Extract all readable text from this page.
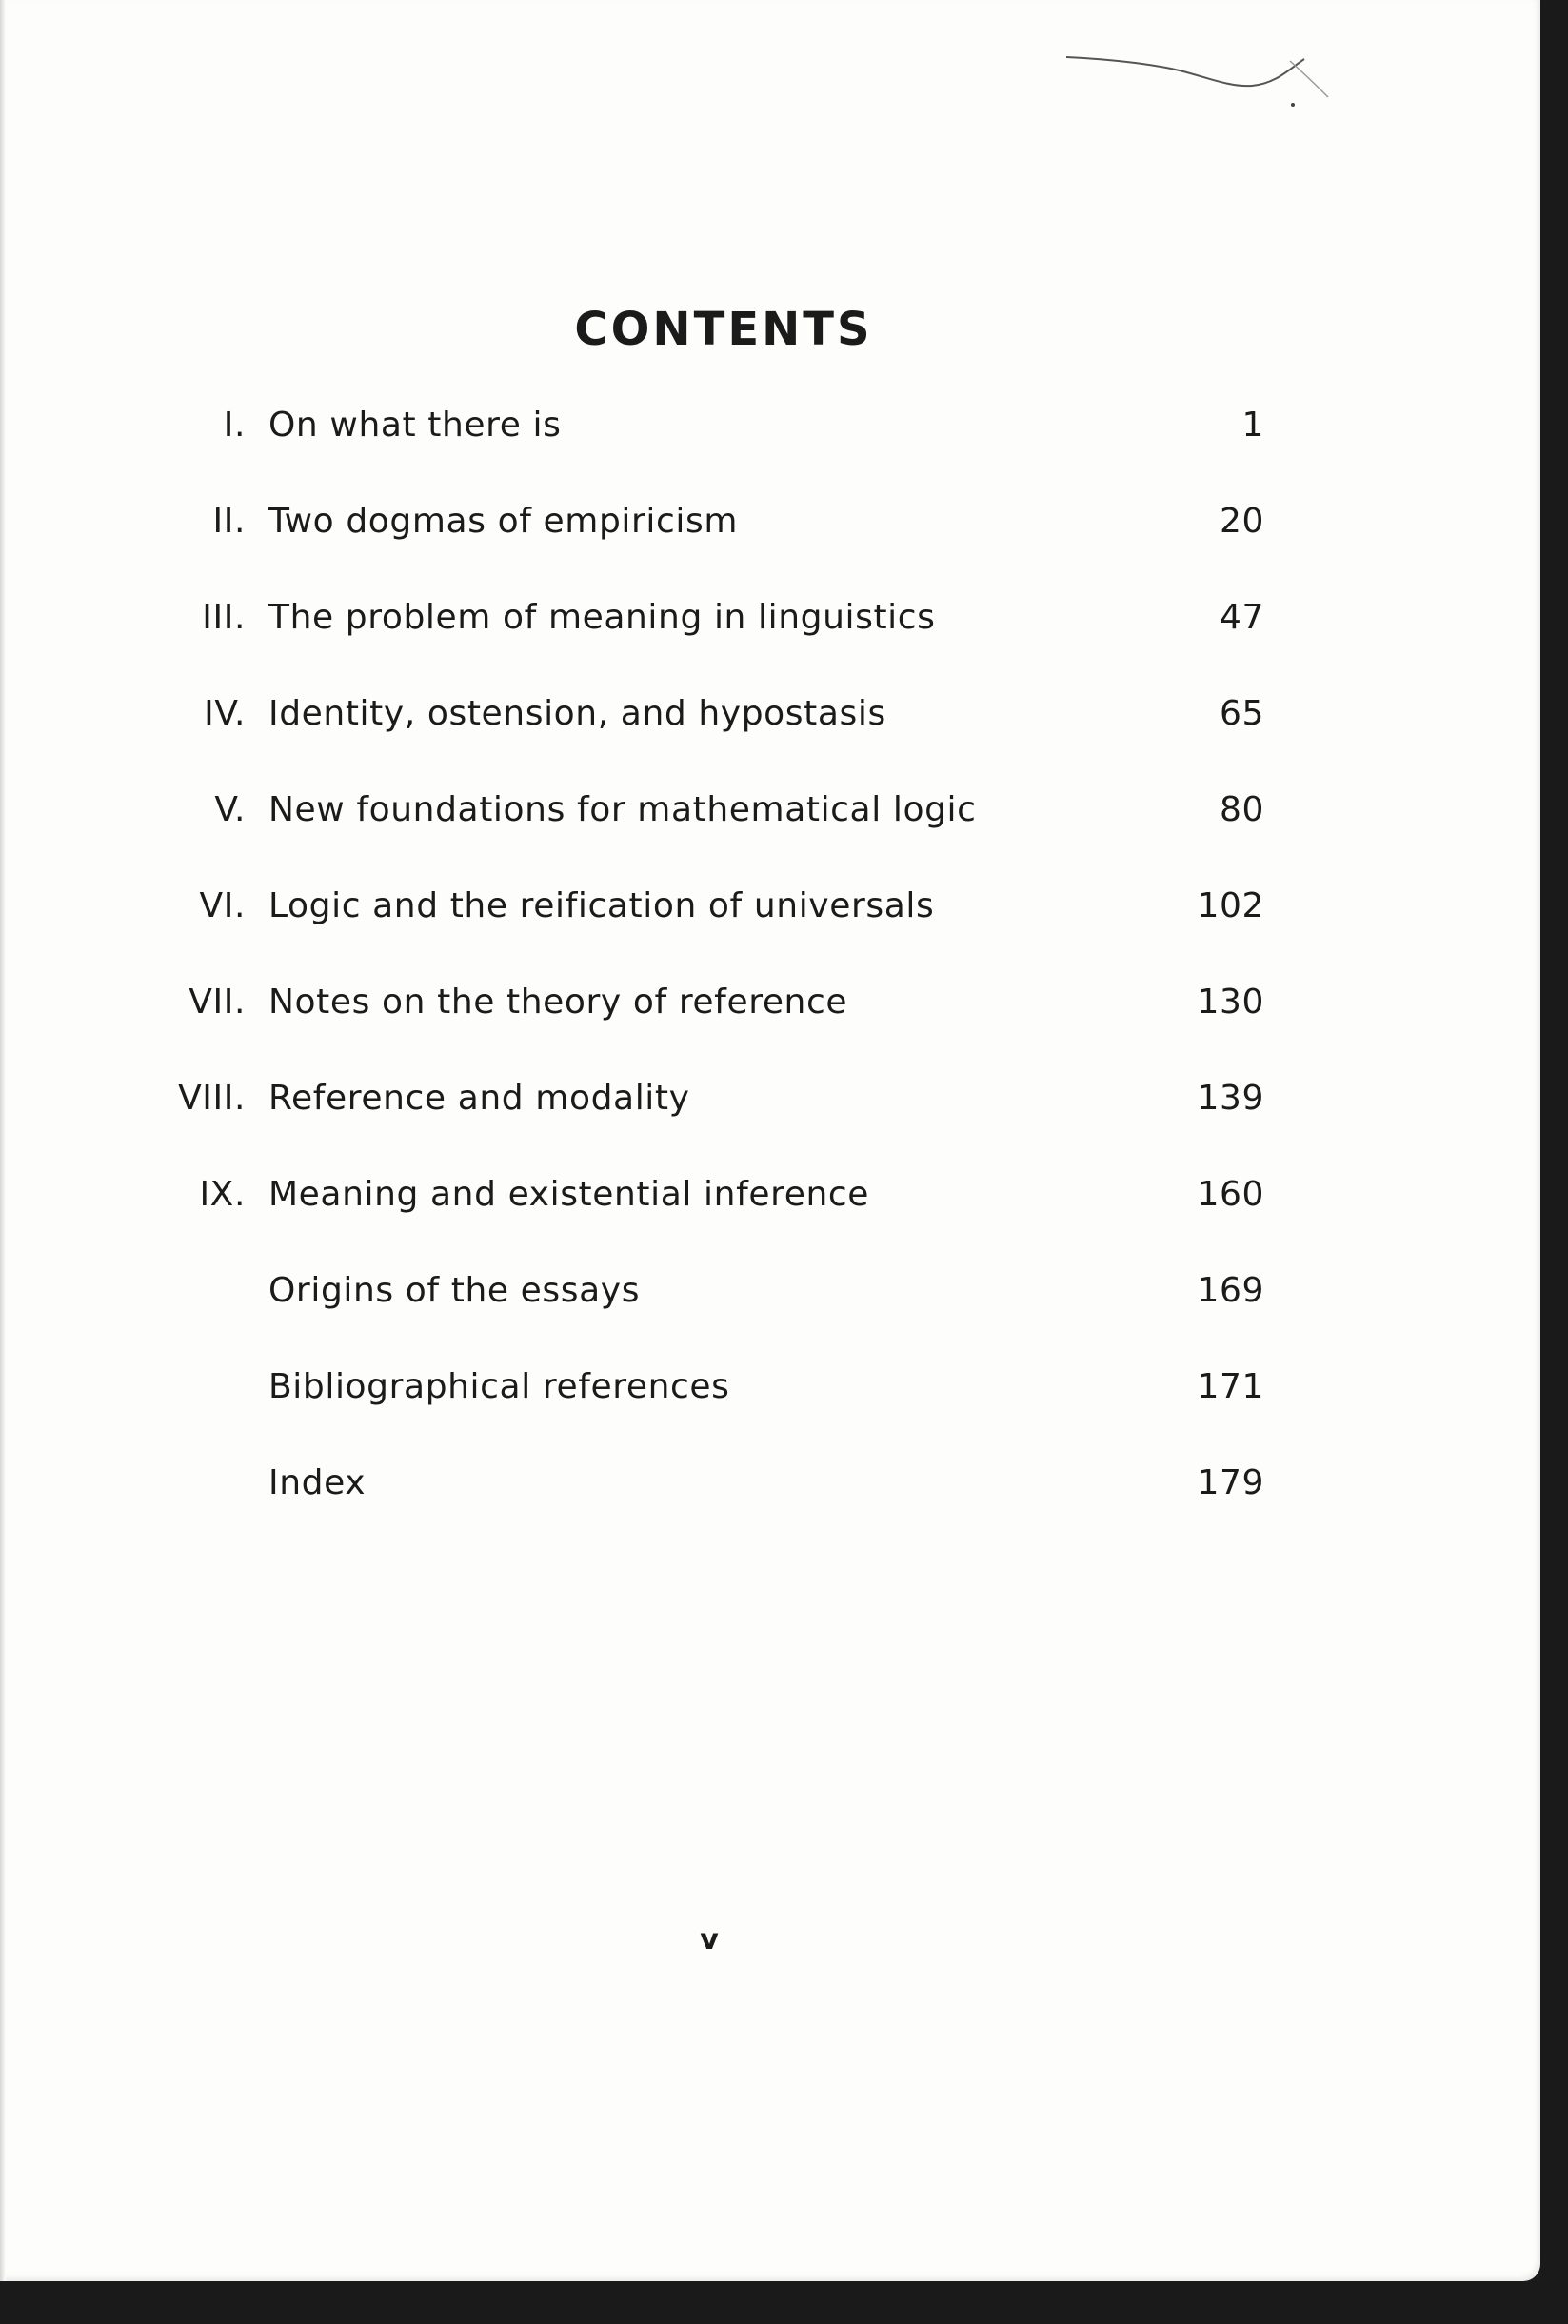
CONTENTS
I. On what there is	1
II. Two dogmas of empiricism	20
III. The problem of meaning in linguistics	47
IV. Identity, ostension, and hypostasis	65
V. New foundations for mathematical logic	80
VI. Logic and the reification of universals	102
VII. Notes on the theory of reference	130
VIII. Reference and modality	139
IX. Meaning and existential inference	160
Origins of the essays	169
Bibliographical references	171
Index	179
v
